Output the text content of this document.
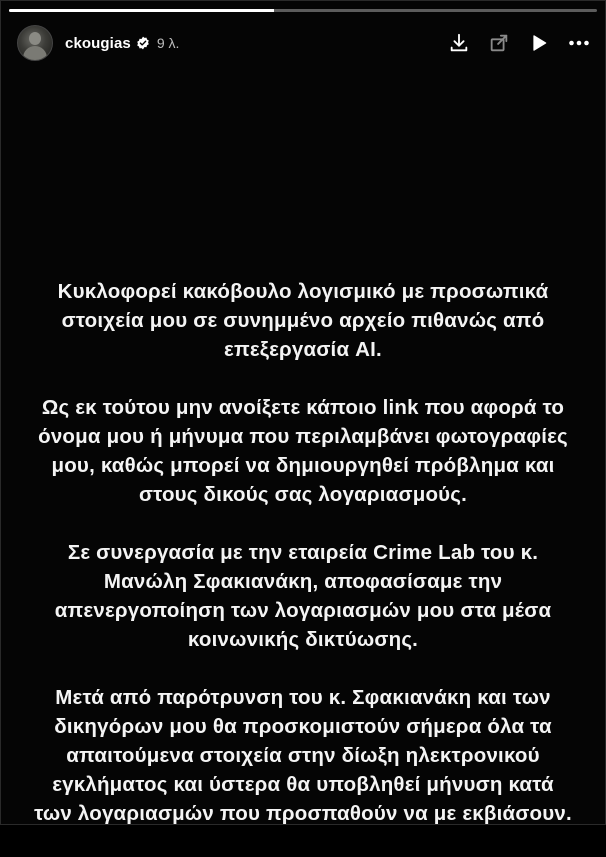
ckougias 9 λ.

Κυκλοφορεί κακόβουλο λογισμικό με προσωπικά
στοιχεία μου σε συνημμένο αρχείο πιθανώς από
επεξεργασία AI.

Ως εκ τούτου μην ανοίξετε κάποιο link που αφορά το
όνομα μου ή μήνυμα που περιλαμβάνει φωτογραφίες
μου, καθώς μπορεί να δημιουργηθεί πρόβλημα και
στους δικούς σας λογαριασμούς.

Σε συνεργασία με την εταιρεία Crime Lab του κ.
Μανώλη Σφακιανάκη, αποφασίσαμε την
απενεργοποίηση των λογαριασμών μου στα μέσα
κοινωνικής δικτύωσης.

Μετά από παρότρυνση του κ. Σφακιανάκη και των
δικηγόρων μου θα προσκομιστούν σήμερα όλα τα
απαιτούμενα στοιχεία στην δίωξη ηλεκτρονικού
εγκλήματος και ύστερα θα υποβληθεί μήνυση κατά
των λογαριασμών που προσπαθούν να με εκβιάσουν.
